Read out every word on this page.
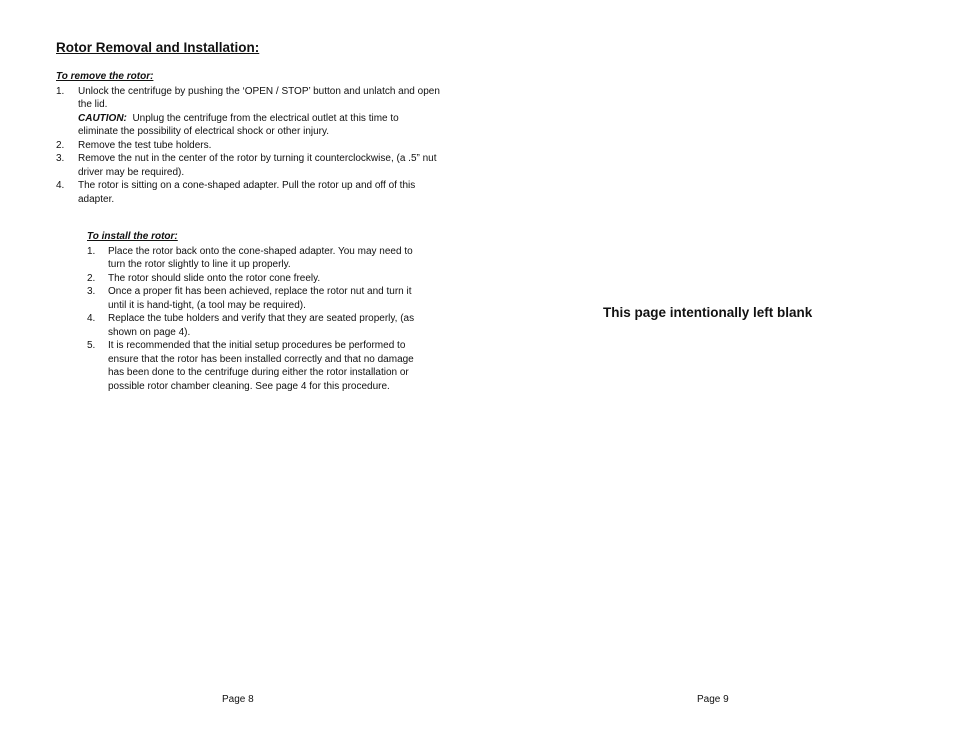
Rotor Removal and Installation:
To remove the rotor:
1. Unlock the centrifuge by pushing the ‘OPEN / STOP’ button and unlatch and open the lid.
CAUTION: Unplug the centrifuge from the electrical outlet at this time to eliminate the possibility of electrical shock or other injury.
2. Remove the test tube holders.
3. Remove the nut in the center of the rotor by turning it counterclockwise, (a .5” nut driver may be required).
4. The rotor is sitting on a cone-shaped adapter. Pull the rotor up and off of this adapter.
To install the rotor:
1. Place the rotor back onto the cone-shaped adapter. You may need to turn the rotor slightly to line it up properly.
2. The rotor should slide onto the rotor cone freely.
3. Once a proper fit has been achieved, replace the rotor nut and turn it until it is hand-tight, (a tool may be required).
4. Replace the tube holders and verify that they are seated properly, (as shown on page 4).
5. It is recommended that the initial setup procedures be performed to ensure that the rotor has been installed correctly and that no damage has been done to the centrifuge during either the rotor installation or possible rotor chamber cleaning. See page 4 for this procedure.
Page 8
This page intentionally left blank
Page 9
